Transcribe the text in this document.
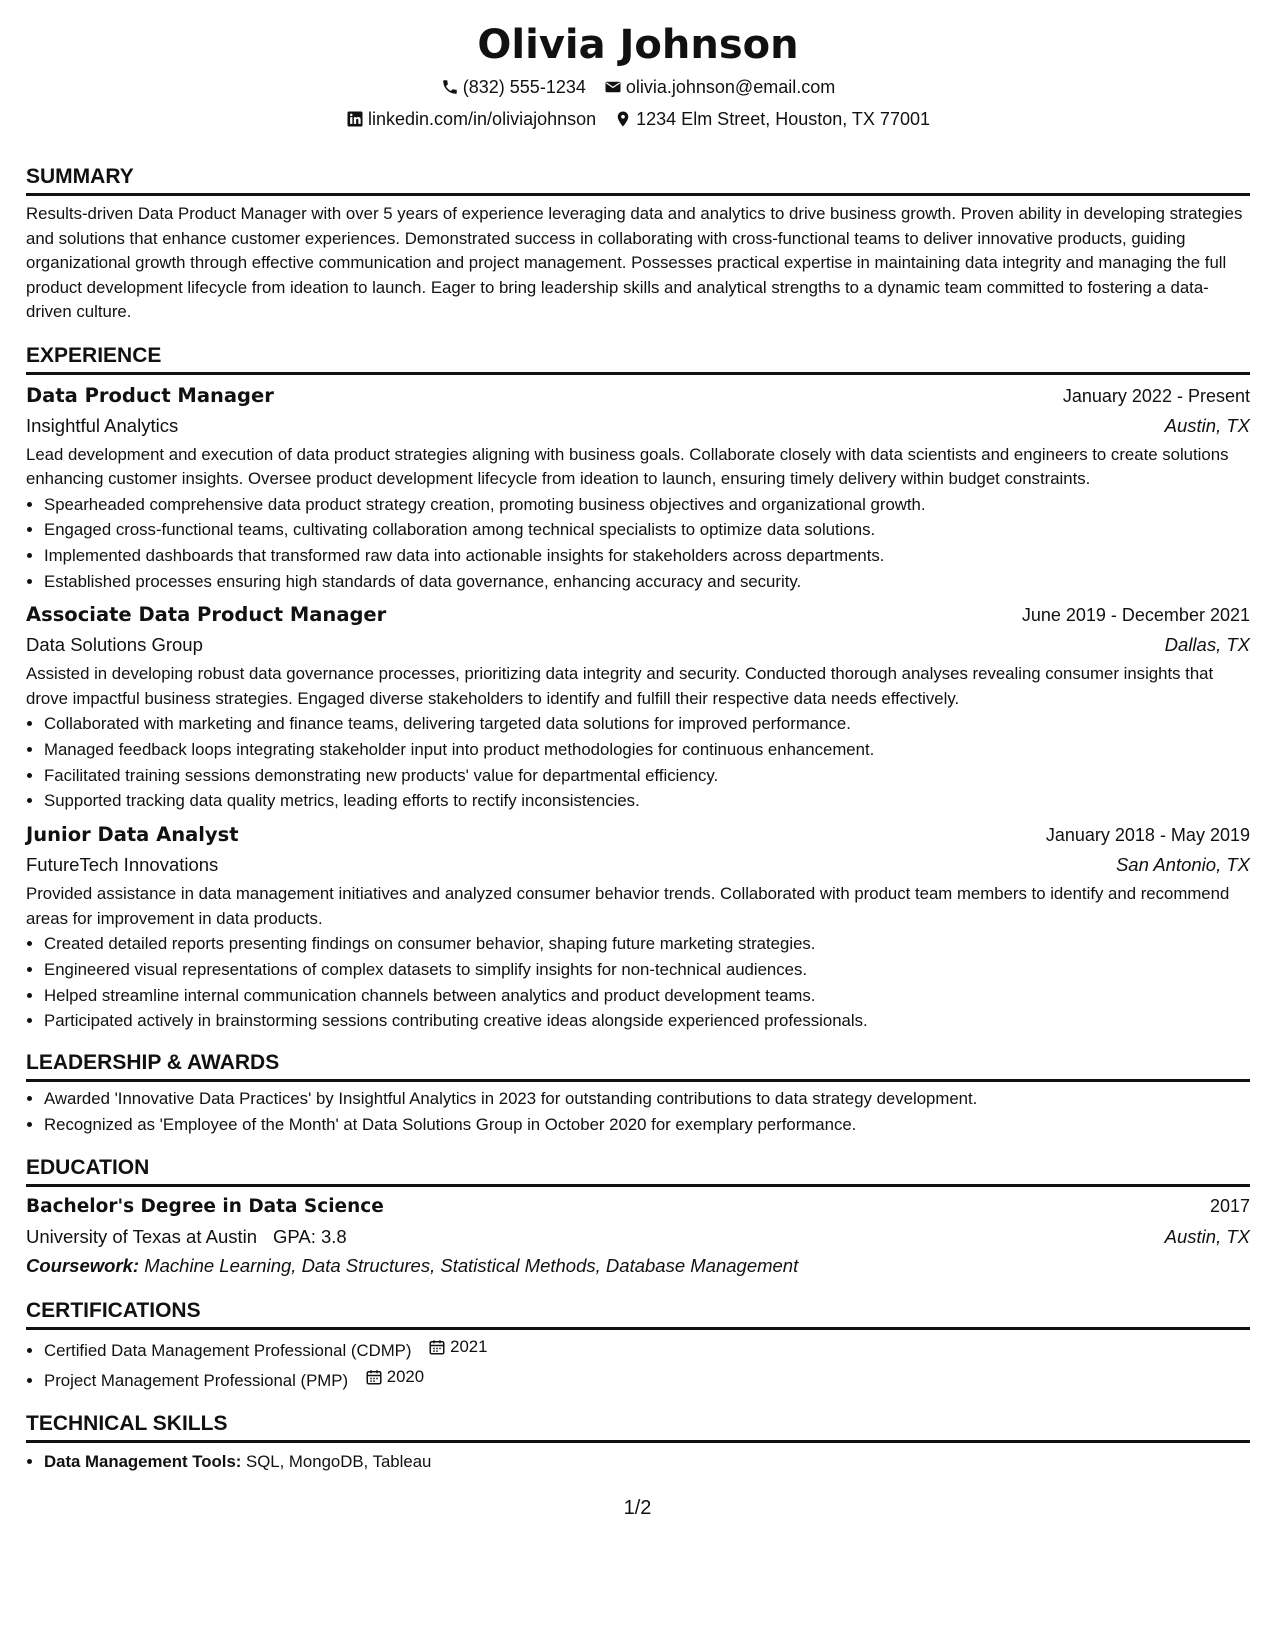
Olivia Johnson
(832) 555-1234 olivia.johnson@email.com
linkedin.com/in/oliviajohnson 1234 Elm Street, Houston, TX 77001
SUMMARY

Results-driven Data Product Manager with over 5 years of experience leveraging data and analytics to drive business growth. Proven ability in developing strategies and solutions that enhance customer experiences. Demonstrated success in collaborating with cross-functional teams to deliver innovative products, guiding organizational growth through effective communication and project management. Possesses practical expertise in maintaining data integrity and managing the full product development lifecycle from ideation to launch. Eager to bring leadership skills and analytical strengths to a dynamic team committed to fostering a data-driven culture.

EXPERIENCE
Data Product Manager	January 2022 - Present
Insightful Analytics	Austin, TX

Lead development and execution of data product strategies aligning with business goals. Collaborate closely with data scientists and engineers to create solutions enhancing customer insights. Oversee product development lifecycle from ideation to launch, ensuring timely delivery within budget constraints.

• Spearheaded comprehensive data product strategy creation, promoting business objectives and organizational growth.
• Engaged cross-functional teams, cultivating collaboration among technical specialists to optimize data solutions.
• Implemented dashboards that transformed raw data into actionable insights for stakeholders across departments.
• Established processes ensuring high standards of data governance, enhancing accuracy and security.
Associate Data Product Manager	June 2019 - December 2021
Data Solutions Group	Dallas, TX

Assisted in developing robust data governance processes, prioritizing data integrity and security. Conducted thorough analyses revealing consumer insights that drove impactful business strategies. Engaged diverse stakeholders to identify and fulfill their respective data needs effectively.

• Collaborated with marketing and finance teams, delivering targeted data solutions for improved performance.
• Managed feedback loops integrating stakeholder input into product methodologies for continuous enhancement.
• Facilitated training sessions demonstrating new products' value for departmental efficiency.
• Supported tracking data quality metrics, leading efforts to rectify inconsistencies.
Junior Data Analyst	January 2018 - May 2019
FutureTech Innovations	San Antonio, TX

Provided assistance in data management initiatives and analyzed consumer behavior trends. Collaborated with product team members to identify and recommend areas for improvement in data products.

• Created detailed reports presenting findings on consumer behavior, shaping future marketing strategies.
• Engineered visual representations of complex datasets to simplify insights for non-technical audiences.
• Helped streamline internal communication channels between analytics and product development teams.
• Participated actively in brainstorming sessions contributing creative ideas alongside experienced professionals.
LEADERSHIP & AWARDS
• Awarded 'Innovative Data Practices' by Insightful Analytics in 2023 for outstanding contributions to data strategy development.
• Recognized as 'Employee of the Month' at Data Solutions Group in October 2020 for exemplary performance.
EDUCATION
Bachelor's Degree in Data Science	2017
University of Texas at Austin GPA: 3.8	Austin, TX
Coursework: Machine Learning, Data Structures, Statistical Methods, Database Management
CERTIFICATIONS
• Certified Data Management Professional (CDMP) 2021
• Project Management Professional (PMP) 2020
TECHNICAL SKILLS
• Data Management Tools: SQL, MongoDB, Tableau
1/2
